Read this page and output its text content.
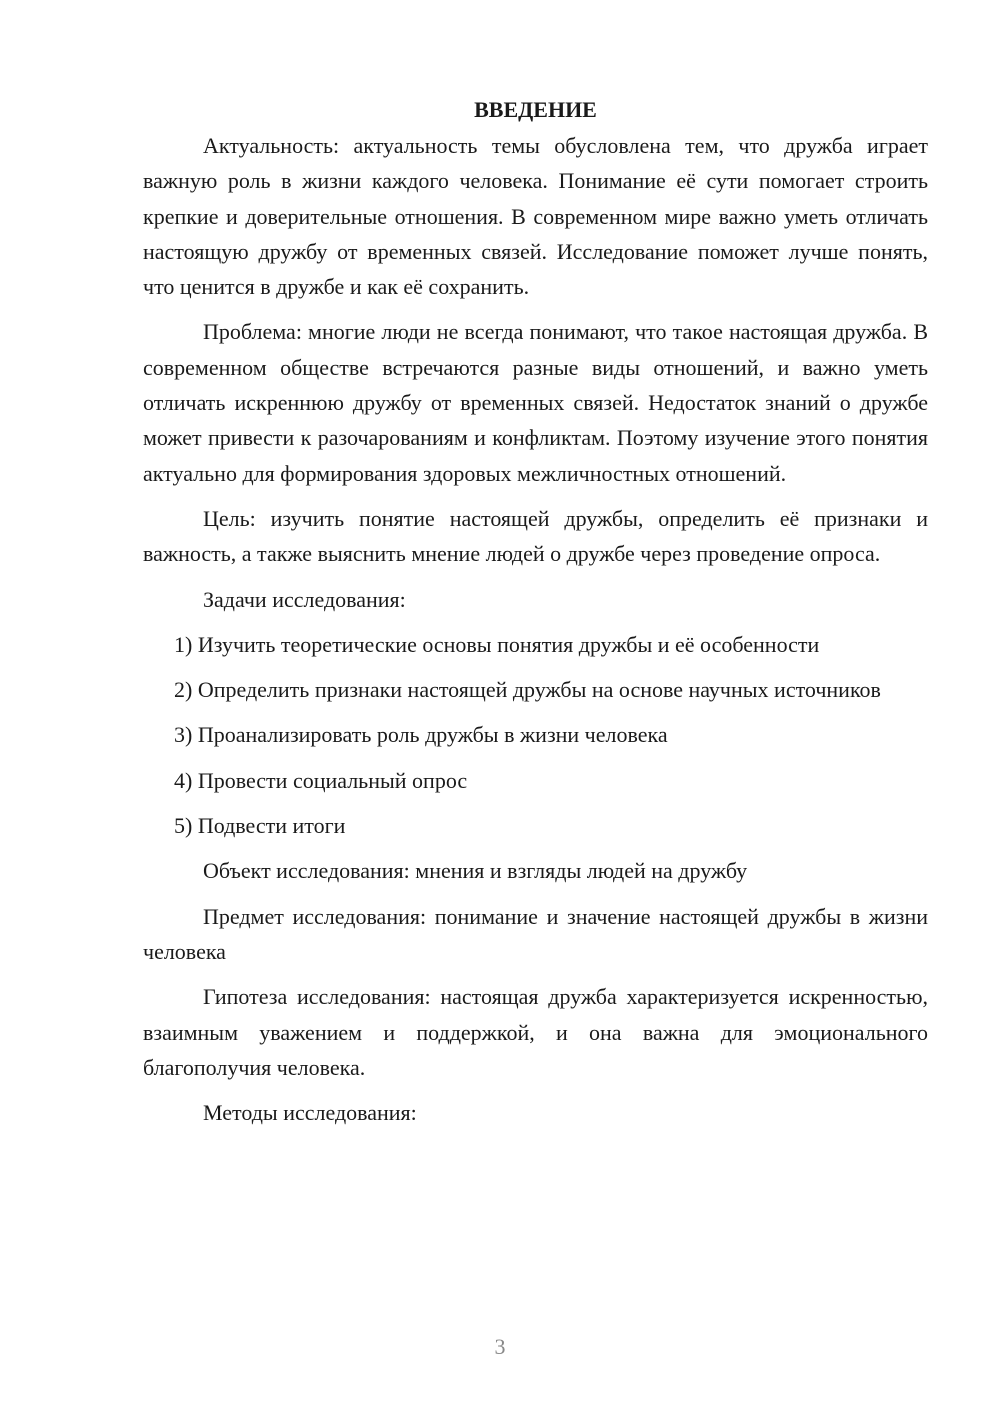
ВВЕДЕНИЕ

Актуальность: актуальность темы обусловлена тем, что дружба играет важную роль в жизни каждого человека. Понимание её сути помогает строить крепкие и доверительные отношения. В современном мире важно уметь отличать настоящую дружбу от временных связей. Исследование поможет лучше понять, что ценится в дружбе и как её сохранить.

Проблема: многие люди не всегда понимают, что такое настоящая дружба. В современном обществе встречаются разные виды отношений, и важно уметь отличать искреннюю дружбу от временных связей. Недостаток знаний о дружбе может привести к разочарованиям и конфликтам. Поэтому изучение этого понятия актуально для формирования здоровых межличностных отношений.

Цель: изучить понятие настоящей дружбы, определить её признаки и важность, а также выяснить мнение людей о дружбе через проведение опроса.

Задачи исследования:

1) Изучить теоретические основы понятия дружбы и её особенности

2) Определить признаки настоящей дружбы на основе научных источников

3) Проанализировать роль дружбы в жизни человека

4) Провести социальный опрос

5) Подвести итоги

Объект исследования: мнения и взгляды людей на дружбу

Предмет исследования: понимание и значение настоящей дружбы в жизни человека

Гипотеза исследования: настоящая дружба характеризуется искренностью, взаимным уважением и поддержкой, и она важна для эмоционального благополучия человека.

Методы исследования:

3
